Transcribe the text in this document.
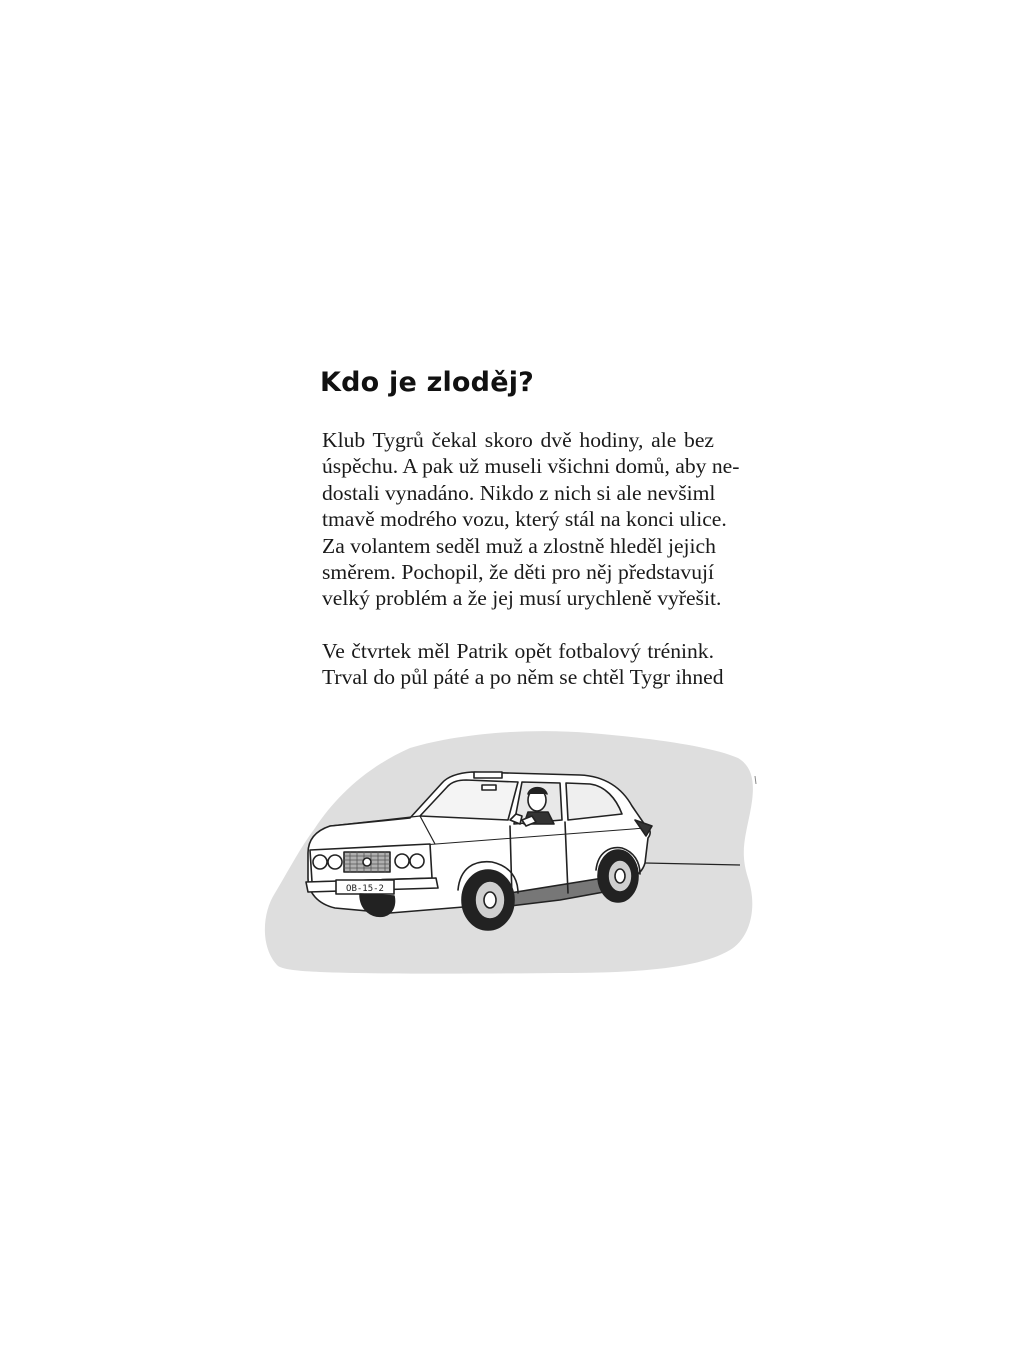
Kdo je zloděj?
Klub Tygrů čekal skoro dvě hodiny, ale bez
úspěchu. A pak už museli všichni domů, aby ne-
dostali vynadáno. Nikdo z nich si ale nevšiml
tmavě modrého vozu, který stál na konci ulice.
Za volantem seděl muž a zlostně hleděl jejich
směrem. Pochopil, že děti pro něj představují
velký problém a že jej musí urychleně vyřešit.
Ve čtvrtek měl Patrik opět fotbalový trénink.
Trval do půl páté a po něm se chtěl Tygr ihned
OB-15-2
